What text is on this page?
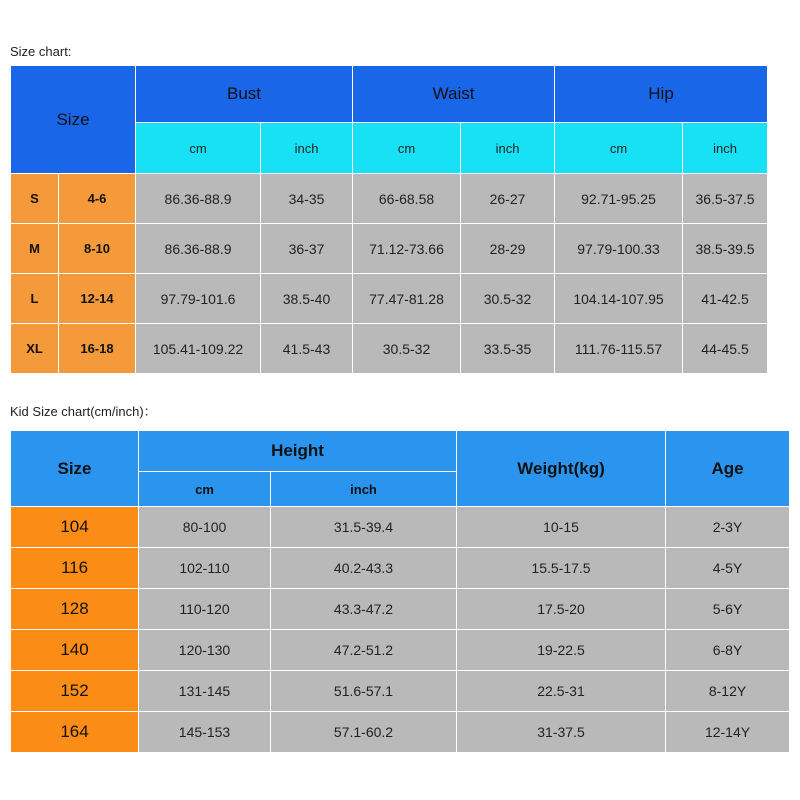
Size chart:
Size		Bust		Waist		Hip	
		cm	inch	cm	inch	cm	inch
S	4-6	86.36-88.9	34-35	66-68.58	26-27	92.71-95.25	36.5-37.5
M	8-10	86.36-88.9	36-37	71.12-73.66	28-29	97.79-100.33	38.5-39.5
L	12-14	97.79-101.6	38.5-40	77.47-81.28	30.5-32	104.14-107.95	41-42.5
XL	16-18	105.41-109.22	41.5-43	30.5-32	33.5-35	111.76-115.57	44-45.5
Kid Size chart(cm/inch)：
Size	Height		Weight(kg)	Age
	cm	inch		
104	80-100	31.5-39.4	10-15	2-3Y
116	102-110	40.2-43.3	15.5-17.5	4-5Y
128	110-120	43.3-47.2	17.5-20	5-6Y
140	120-130	47.2-51.2	19-22.5	6-8Y
152	131-145	51.6-57.1	22.5-31	8-12Y
164	145-153	57.1-60.2	31-37.5	12-14Y
